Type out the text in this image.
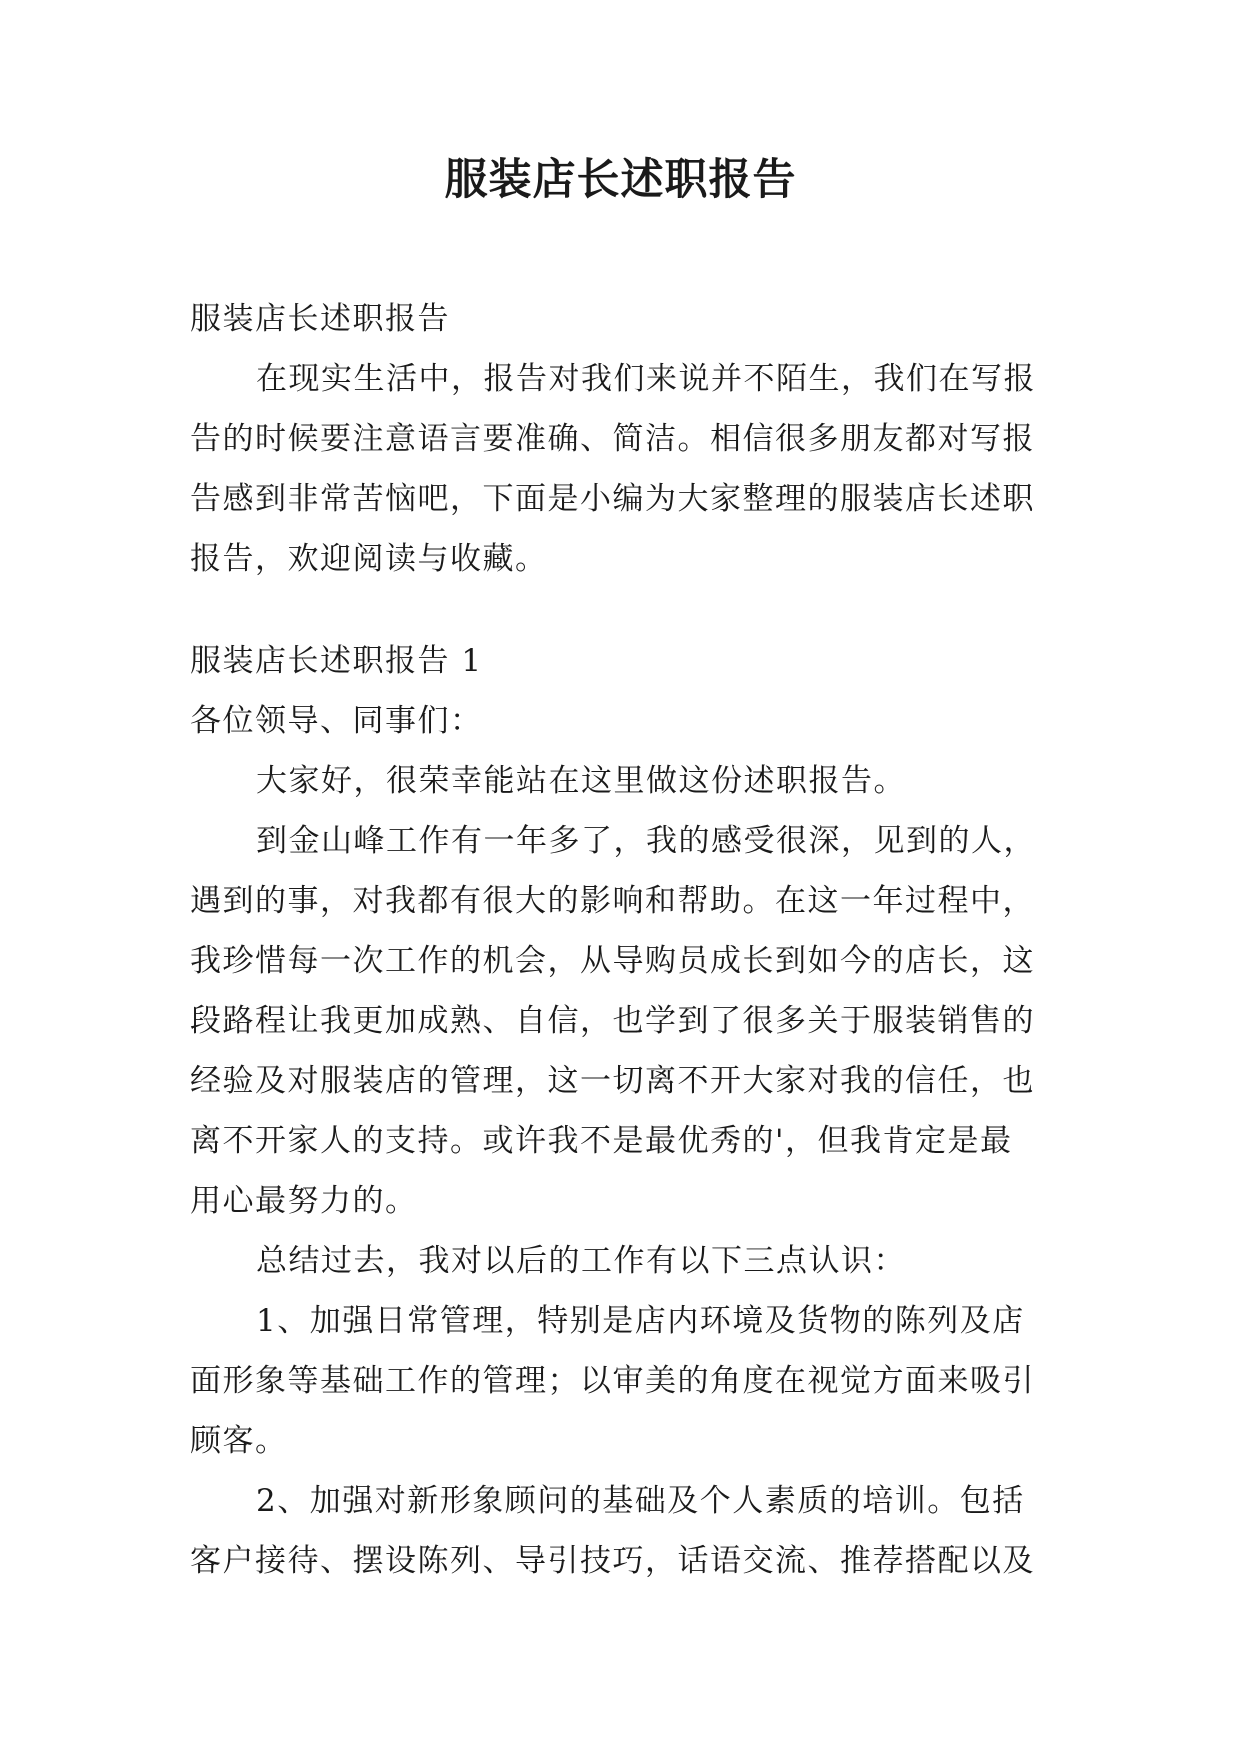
服装店长述职报告
服装店长述职报告
在现实生活中，报告对我们来说并不陌生，我们在写报
告的时候要注意语言要准确、简洁。相信很多朋友都对写报
告感到非常苦恼吧，下面是小编为大家整理的服装店长述职
报告，欢迎阅读与收藏。
服装店长述职报告 1
各位领导、同事们：
大家好，很荣幸能站在这里做这份述职报告。
到金山峰工作有一年多了，我的感受很深，见到的人，
遇到的事，对我都有很大的影响和帮助。在这一年过程中，
我珍惜每一次工作的机会，从导购员成长到如今的店长，这
段路程让我更加成熟、自信，也学到了很多关于服装销售的
经验及对服装店的管理，这一切离不开大家对我的信任，也
离不开家人的支持。或许我不是最优秀的'，但我肯定是最
用心最努力的。
总结过去，我对以后的工作有以下三点认识：
1、加强日常管理，特别是店内环境及货物的陈列及店
面形象等基础工作的管理；以审美的角度在视觉方面来吸引
顾客。
2、加强对新形象顾问的基础及个人素质的培训。包括
客户接待、摆设陈列、导引技巧，话语交流、推荐搭配以及
